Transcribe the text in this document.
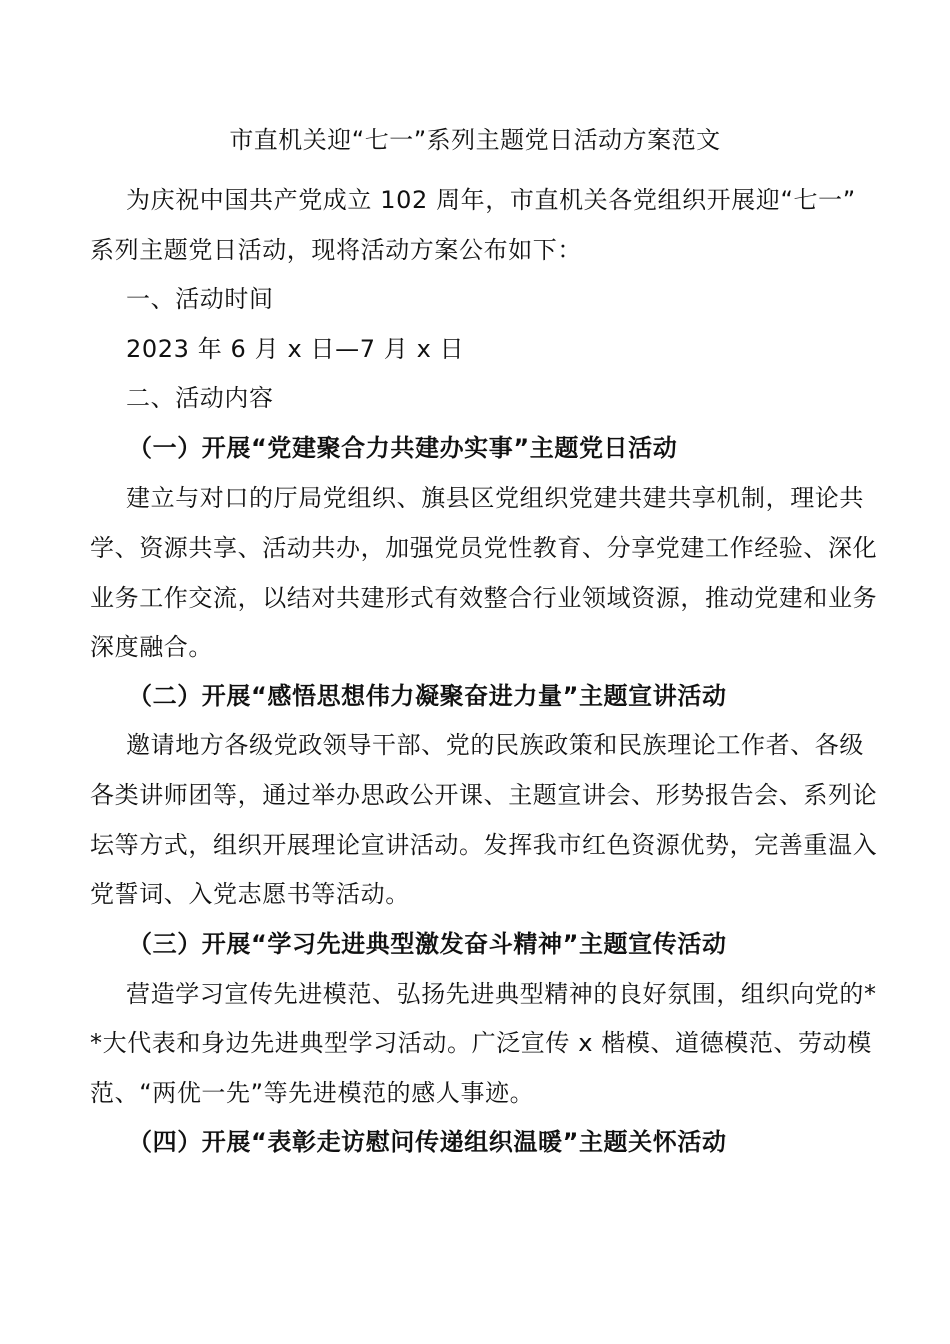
市直机关迎“七一”系列主题党日活动方案范文
为庆祝中国共产党成立 102 周年，市直机关各党组织开展迎“七一”
系列主题党日活动，现将活动方案公布如下：
一、活动时间
2023 年 6 月 x 日—7 月 x 日
二、活动内容
（一）开展“党建聚合力共建办实事”主题党日活动
建立与对口的厅局党组织、旗县区党组织党建共建共享机制，理论共
学、资源共享、活动共办，加强党员党性教育、分享党建工作经验、深化
业务工作交流，以结对共建形式有效整合行业领域资源，推动党建和业务
深度融合。
（二）开展“感悟思想伟力凝聚奋进力量”主题宣讲活动
邀请地方各级党政领导干部、党的民族政策和民族理论工作者、各级
各类讲师团等，通过举办思政公开课、主题宣讲会、形势报告会、系列论
坛等方式，组织开展理论宣讲活动。发挥我市红色资源优势，完善重温入
党誓词、入党志愿书等活动。
（三）开展“学习先进典型激发奋斗精神”主题宣传活动
营造学习宣传先进模范、弘扬先进典型精神的良好氛围，组织向党的*
*大代表和身边先进典型学习活动。广泛宣传 x 楷模、道德模范、劳动模
范、“两优一先”等先进模范的感人事迹。
（四）开展“表彰走访慰问传递组织温暖”主题关怀活动
